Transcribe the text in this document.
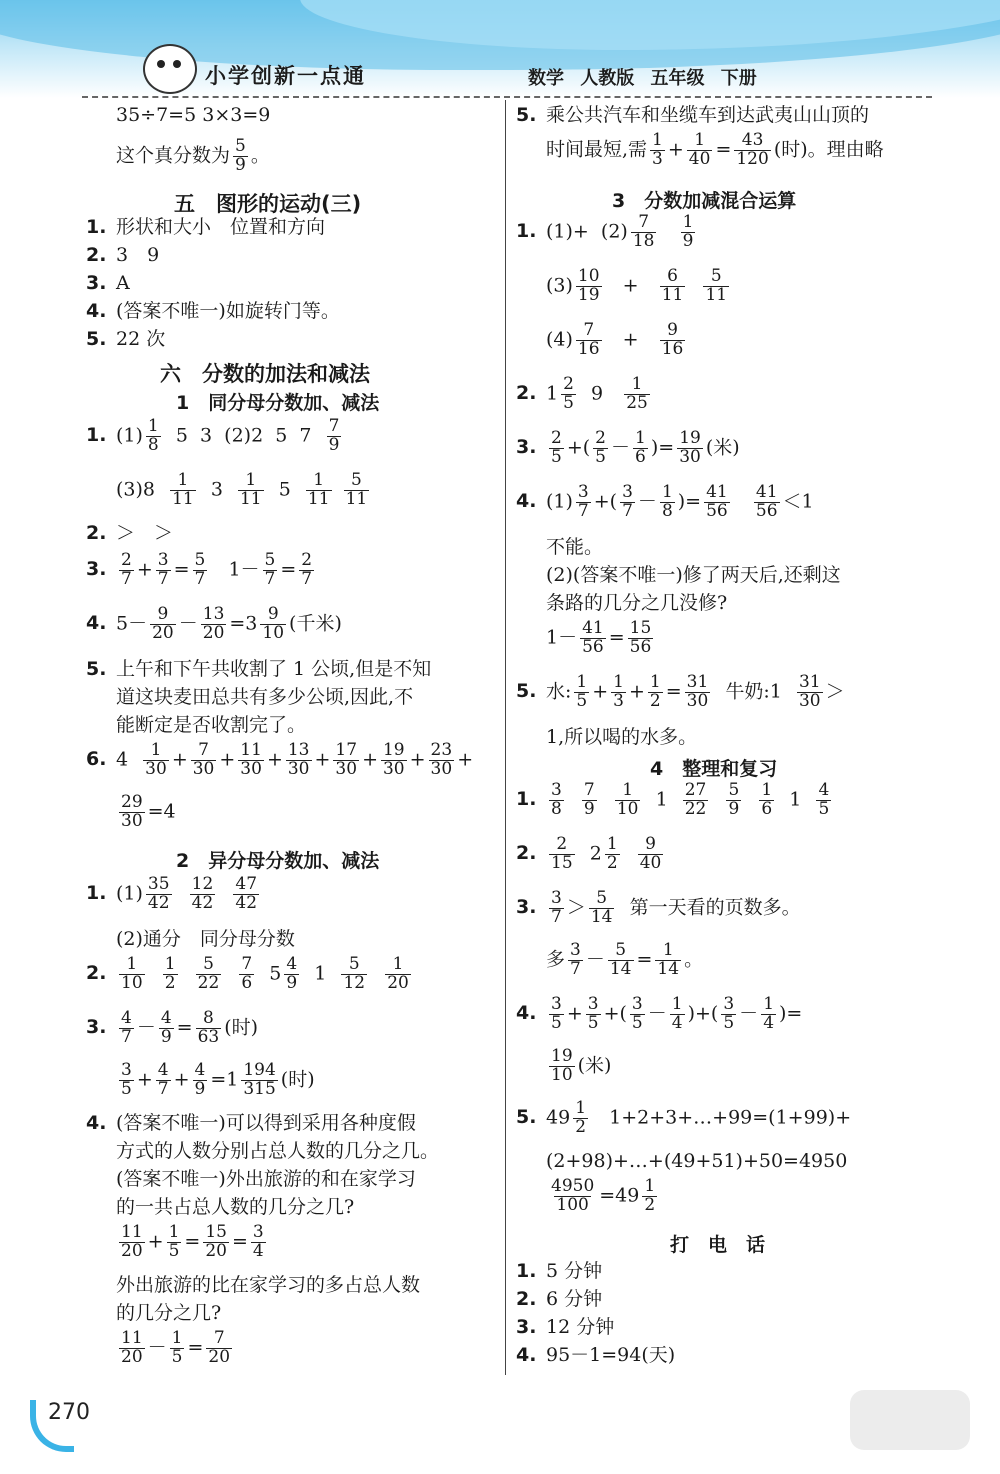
小学创新一点通	数学 人教版 五年级 下册
35÷7=5 3×3=9
这个真分数为 $\frac{5}{9}$ 。
五　图形的运动(三)
1. 形状和大小　位置和方向
2. 3　9
3. A
4. (答案不唯一)如旋转门等。
5. 22 次
六　分数的加法和减法
1　同分母分数加、减法
1. $(1) \frac{1}{8} 5$  3  (2)2  5  $7 \frac{7}{9}$
$(3)8 \frac{1}{11} 3 \frac{1}{11} 5 \frac{1}{11}$
$\frac{5}{11}$
2. ＞　＞
3. $\frac{2}{7} + \frac{3}{7} = \frac{5}{7} 1- \frac{5}{7} = \frac{2}{7}$
4. $5- \frac{9}{20} - \frac{13}{20} =3 \frac{9}{10}$ (千米)
5. 上午和下午共收割了 1 公顷,但是不知
道这块麦田总共有多少公顷,因此,不
能断定是否收割完了。
6. $4 \frac{1}{30} + \frac{7}{30} + \frac{11}{30} + \frac{13}{30} + \frac{17}{30} + \frac{19}{30} + \frac{23}{30}$ +
$\frac{29}{30} =4$
2　异分母分数加、减法
1. $(1) \frac{35}{42}$
$\frac{12}{42}$
$\frac{47}{42}$
(2)通分　同分母分数
2. $\frac{1}{10}$
$\frac{1}{2}$
$\frac{5}{22}$
$\frac{7}{6} 5 \frac{4}{9} 1 \frac{5}{12}$
$\frac{1}{20}$
3. $\frac{4}{7} - \frac{4}{9} = \frac{8}{63}$ (时)
$\frac{3}{5} + \frac{4}{7} + \frac{4}{9} =1 \frac{194}{315}$ (时)
4. (答案不唯一)可以得到采用各种度假
方式的人数分别占总人数的几分之几。
(答案不唯一)外出旅游的和在家学习
的一共占总人数的几分之几?
$\frac{11}{20} + \frac{1}{5} = \frac{15}{20} = \frac{3}{4}$
外出旅游的比在家学习的多占总人数
的几分之几?
$\frac{11}{20} - \frac{1}{5} = \frac{7}{20}$
5. 乘公共汽车和坐缆车到达武夷山山顶的
时间最短,需 $\frac{1}{3} + \frac{1}{40} = \frac{43}{120}$ (时)。理由略
3　分数加减混合运算
1. $(1)+ (2) \frac{7}{18}$
$\frac{1}{9}$
$(3) \frac{10}{19} + \frac{6}{11}$
$\frac{5}{11}$
$(4) \frac{7}{16} + \frac{9}{16}$
2. $1 \frac{2}{5} 9 \frac{1}{25}$
3. $\frac{2}{5}$ +( $\frac{2}{5} - \frac{1}{6}$ )= $\frac{19}{30}$ (米)
4. $(1) \frac{3}{7}$ +( $\frac{3}{7} - \frac{1}{8}$ )= $\frac{41}{56}$
$\frac{41}{56} <1$
不能。
(2)(答案不唯一)修了两天后,还剩这
条路的几分之几没修?
$1- \frac{41}{56} = \frac{15}{56}$
5. 水: $\frac{1}{5} + \frac{1}{3} + \frac{1}{2} = \frac{31}{30}$ 牛奶:1 $\frac{31}{30}$ ＞
1,所以喝的水多。
4　整理和复习
1. $\frac{3}{8}$
$\frac{7}{9}$
$\frac{1}{10} 1 \frac{27}{22}$
$\frac{5}{9}$
$\frac{1}{6} 1 \frac{4}{5}$
2. $\frac{2}{15} 2 \frac{1}{2}$
$\frac{9}{40}$
3. $\frac{3}{7} > \frac{5}{14}$ 第一天看的页数多。
多 $\frac{3}{7} - \frac{5}{14} = \frac{1}{14}$ 。
4. $\frac{3}{5} + \frac{3}{5}$ +( $\frac{3}{5} - \frac{1}{4}$ )+( $\frac{3}{5} - \frac{1}{4}$ )=
$\frac{19}{10}$ (米)
5. $49 \frac{1}{2}$ 1+2+3+…+99=(1+99)+
(2+98)+…+(49+51)+50=4950
$\frac{4950}{100} =49 \frac{1}{2}$
打　电　话
1. 5 分钟
2. 6 分钟
3. 12 分钟
4. 95－1=94(天)
270
